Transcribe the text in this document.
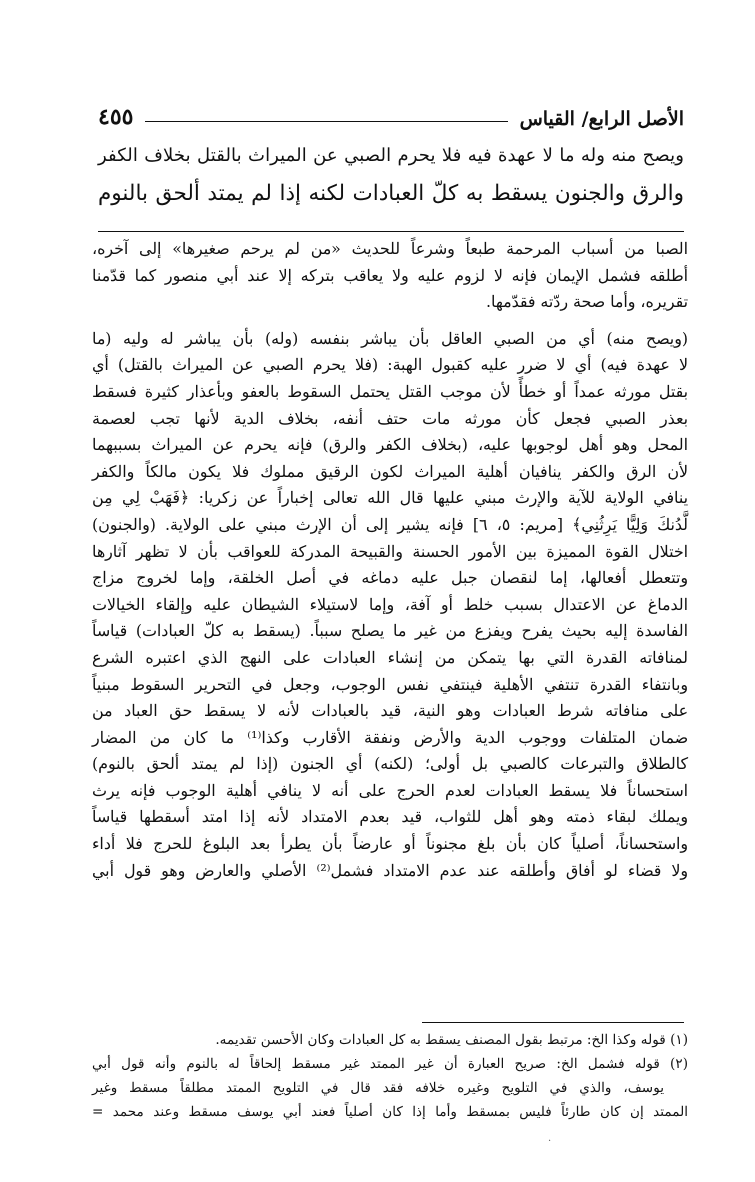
الأصل الرابع/ القياس
٤٥٥
ويصح منه وله ما لا عهدة فيه فلا يحرم الصبي عن الميراث بالقتل بخلاف الكفر
والرق والجنون يسقط به كلّ العبادات لكنه إذا لم يمتد ألحق بالنوم
الصبا من أسباب المرحمة طبعاً وشرعاً للحديث «من لم يرحم صغيرها» إلى آخره،
أطلقه فشمل الإيمان فإنه لا لزوم عليه ولا يعاقب بتركه إلا عند أبي منصور كما قدّمنا
تقريره، وأما صحة ردّته فقدّمها.
(ويصح منه) أي من الصبي العاقل بأن يباشر بنفسه (وله) بأن يباشر له وليه (ما
لا عهدة فيه) أي لا ضرر عليه كقبول الهبة: (فلا يحرم الصبي عن الميراث بالقتل) أي
بقتل مورثه عمداً أو خطأً لأن موجب القتل يحتمل السقوط بالعفو وبأعذار كثيرة فسقط
بعذر الصبي فجعل كأن مورثه مات حتف أنفه، بخلاف الدية لأنها تجب لعصمة
المحل وهو أهل لوجوبها عليه، (بخلاف الكفر والرق) فإنه يحرم عن الميراث بسببهما
لأن الرق والكفر ينافيان أهلية الميراث لكون الرقيق مملوك فلا يكون مالكاً والكفر
ينافي الولاية للآية والإرث مبني عليها قال الله تعالى إخباراً عن زكريا: ﴿فَهَبْ لِي مِن
لَّدُنكَ وَلِيًّا يَرِثُنِي﴾ [مريم: ٥، ٦] فإنه يشير إلى أن الإرث مبني على الولاية. (والجنون)
اختلال القوة المميزة بين الأمور الحسنة والقبيحة المدركة للعواقب بأن لا تظهر آثارها
وتتعطل أفعالها، إما لنقصان جبل عليه دماغه في أصل الخلقة، وإما لخروج مزاج
الدماغ عن الاعتدال بسبب خلط أو آفة، وإما لاستيلاء الشيطان عليه وإلقاء الخيالات
الفاسدة إليه بحيث يفرح ويفزع من غير ما يصلح سبباً. (يسقط به كلّ العبادات) قياساً
لمنافاته القدرة التي بها يتمكن من إنشاء العبادات على النهج الذي اعتبره الشرع
وبانتفاء القدرة تنتفي الأهلية فينتفي نفس الوجوب، وجعل في التحرير السقوط مبنياً
على منافاته شرط العبادات وهو النية، قيد بالعبادات لأنه لا يسقط حق العباد من
ضمان المتلفات ووجوب الدية والأرض ونفقة الأقارب وكذا⁽¹⁾ ما كان من المضار
كالطلاق والتبرعات كالصبي بل أولى؛ (لكنه) أي الجنون (إذا لم يمتد ألحق بالنوم)
استحساناً فلا يسقط العبادات لعدم الحرج على أنه لا ينافي أهلية الوجوب فإنه يرث
ويملك لبقاء ذمته وهو أهل للثواب، قيد بعدم الامتداد لأنه إذا امتد أسقطها قياساً
واستحساناً، أصلياً كان بأن بلغ مجنوناً أو عارضاً بأن يطرأ بعد البلوغ للحرج فلا أداء
ولا قضاء لو أفاق وأطلقه عند عدم الامتداد فشمل⁽²⁾ الأصلي والعارض وهو قول أبي
(١) قوله وكذا الخ: مرتبط بقول المصنف يسقط به كل العبادات وكان الأحسن تقديمه.
(٢) قوله فشمل الخ: صريح العبارة أن غير الممتد غير مسقط إلحاقاً له بالنوم وأنه قول أبي
يوسف، والذي في التلويح وغيره خلافه فقد قال في التلويح الممتد مطلقاً مسقط وغير
الممتد إن كان طارئاً فليس بمسقط وأما إذا كان أصلياً فعند أبي يوسف مسقط وعند محمد =
·
